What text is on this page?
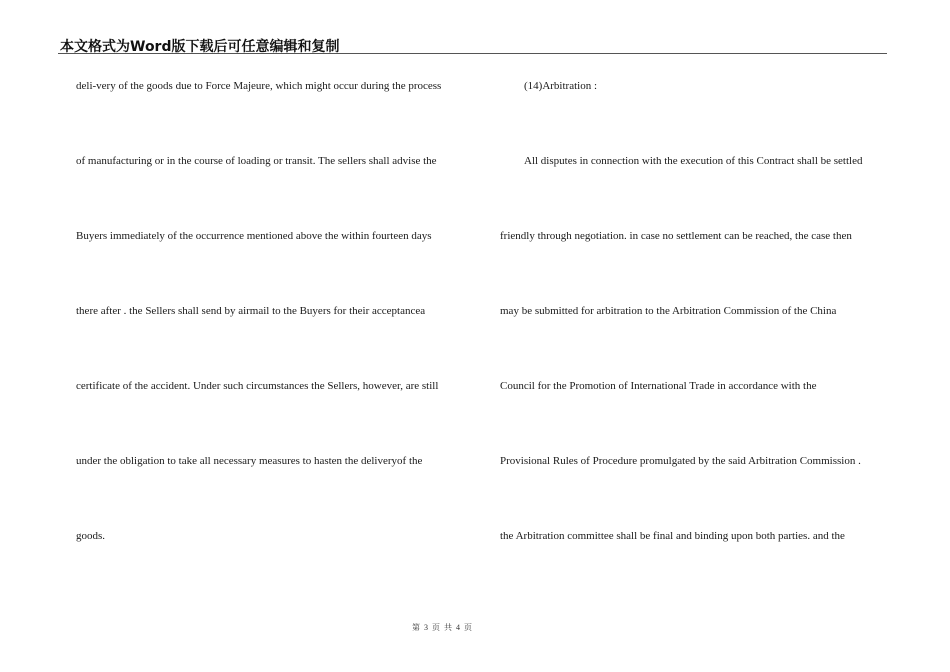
本文格式为Word版下载后可任意编辑和复制
deli-very of the goods due to Force Majeure, which might occur during the process
of manufacturing or in the course of loading or transit. The sellers shall advise the
Buyers immediately of the occurrence mentioned above the within fourteen days
there after . the Sellers shall send by airmail to the Buyers for their acceptancea
certificate of the accident. Under such circumstances the Sellers, however, are still
under the obligation to take all necessary measures to hasten the deliveryof the
goods.
(14)Arbitration :
All disputes in connection with the execution of this Contract shall be settled
friendly through negotiation. in case no settlement can be reached, the case then
may be submitted for arbitration to the Arbitration Commission of the China
Council for the Promotion of International Trade in accordance with the
Provisional Rules of Procedure promulgated by the said Arbitration Commission .
the Arbitration committee shall be final and binding upon both parties. and the
第 3 页 共 4 页
